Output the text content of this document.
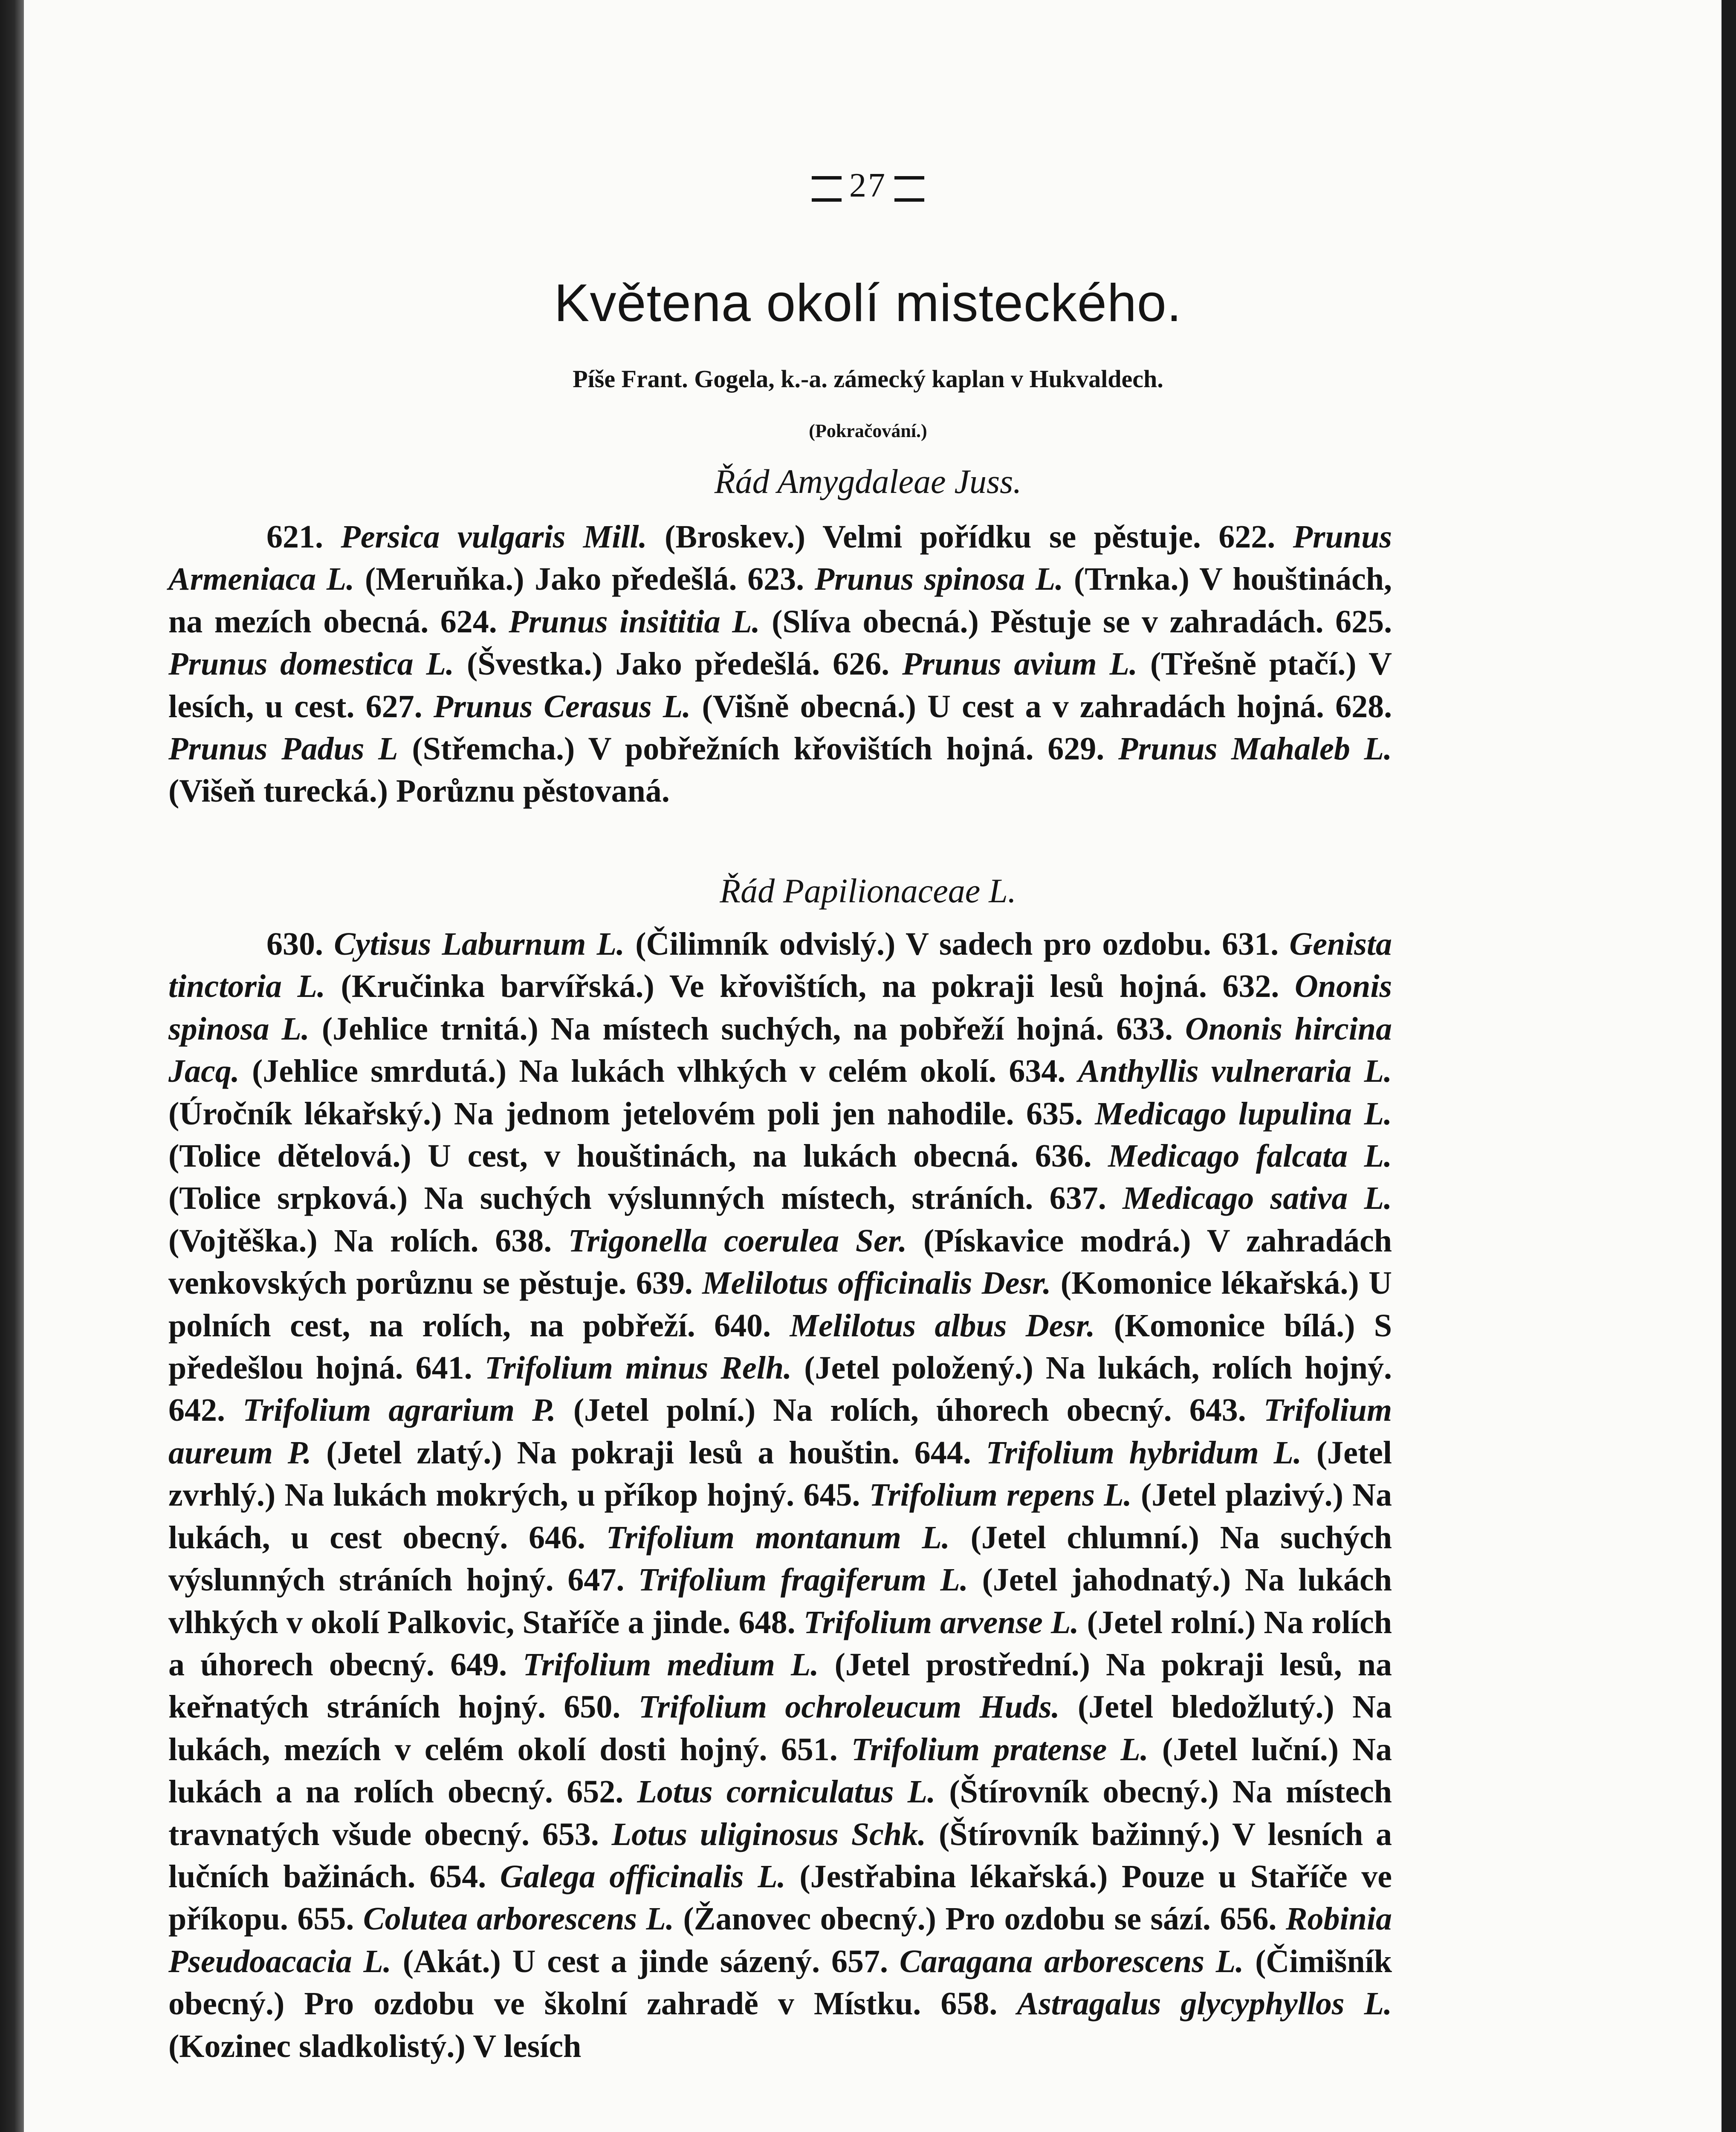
27
Květena okolí misteckého.
Píše Frant. Gogela, k.-a. zámecký kaplan v Hukvaldech.
(Pokračování.)
Řád Amygdaleae Juss.
621. Persica vulgaris Mill. (Broskev.) Velmi pořídku se pěstuje. 622. Prunus Armeniaca L. (Meruňka.) Jako předešlá. 623. Prunus spinosa L. (Trnka.) V houštinách, na mezích obecná. 624. Prunus insititia L. (Slíva obecná.) Pěstuje se v zahradách. 625. Prunus domestica L. (Švestka.) Jako předešlá. 626. Prunus avium L. (Třešně ptačí.) V lesích, u cest. 627. Prunus Cerasus L. (Višně obecná.) U cest a v zahradách hojná. 628. Prunus Padus L (Střemcha.) V pobřežních křovištích hojná. 629. Prunus Mahaleb L. (Višeň turecká.) Porůznu pěstovaná.
Řád Papilionaceae L.
630. Cytisus Laburnum L. (Čilimník odvislý.) V sadech pro ozdobu. 631. Genista tinctoria L. (Kručinka barvířská.) Ve křovištích, na pokraji lesů hojná. 632. Ononis spinosa L. (Jehlice trnitá.) Na místech suchých, na pobřeží hojná. 633. Ononis hircina Jacq. (Jehlice smrdutá.) Na lukách vlhkých v celém okolí. 634. Anthyllis vulneraria L. (Úročník lékařský.) Na jednom jetelovém poli jen nahodile. 635. Medicago lupulina L. (Tolice dětelová.) U cest, v houštinách, na lukách obecná. 636. Medicago falcata L. (Tolice srpková.) Na suchých výslunných místech, stráních. 637. Medicago sativa L. (Vojtěška.) Na rolích. 638. Trigonella coerulea Ser. (Pískavice modrá.) V zahradách venkovských porůznu se pěstuje. 639. Melilotus officinalis Desr. (Komonice lékařská.) U polních cest, na rolích, na pobřeží. 640. Melilotus albus Desr. (Komonice bílá.) S předešlou hojná. 641. Trifolium minus Relh. (Jetel položený.) Na lukách, rolích hojný. 642. Trifolium agrarium P. (Jetel polní.) Na rolích, úhorech obecný. 643. Trifolium aureum P. (Jetel zlatý.) Na pokraji lesů a houštin. 644. Trifolium hybridum L. (Jetel zvrhlý.) Na lukách mokrých, u příkop hojný. 645. Trifolium repens L. (Jetel plazivý.) Na lukách, u cest obecný. 646. Trifolium montanum L. (Jetel chlumní.) Na suchých výslunných stráních hojný. 647. Trifolium fragiferum L. (Jetel jahodnatý.) Na lukách vlhkých v okolí Palkovic, Staříče a jinde. 648. Trifolium arvense L. (Jetel rolní.) Na rolích a úhorech obecný. 649. Trifolium medium L. (Jetel prostřední.) Na pokraji lesů, na keřnatých stráních hojný. 650. Trifolium ochroleucum Huds. (Jetel bledožlutý.) Na lukách, mezích v celém okolí dosti hojný. 651. Trifolium pratense L. (Jetel luční.) Na lukách a na rolích obecný. 652. Lotus corniculatus L. (Štírovník obecný.) Na místech travnatých všude obecný. 653. Lotus uliginosus Schk. (Štírovník bažinný.) V lesních a lučních bažinách. 654. Galega officinalis L. (Jestřabina lékařská.) Pouze u Staříče ve příkopu. 655. Colutea arborescens L. (Žanovec obecný.) Pro ozdobu se sází. 656. Robinia Pseudoacacia L. (Akát.) U cest a jinde sázený. 657. Caragana arborescens L. (Čimišník obecný.) Pro ozdobu ve školní zahradě v Místku. 658. Astragalus glycyphyllos L. (Kozinec sladkolistý.) V lesích
